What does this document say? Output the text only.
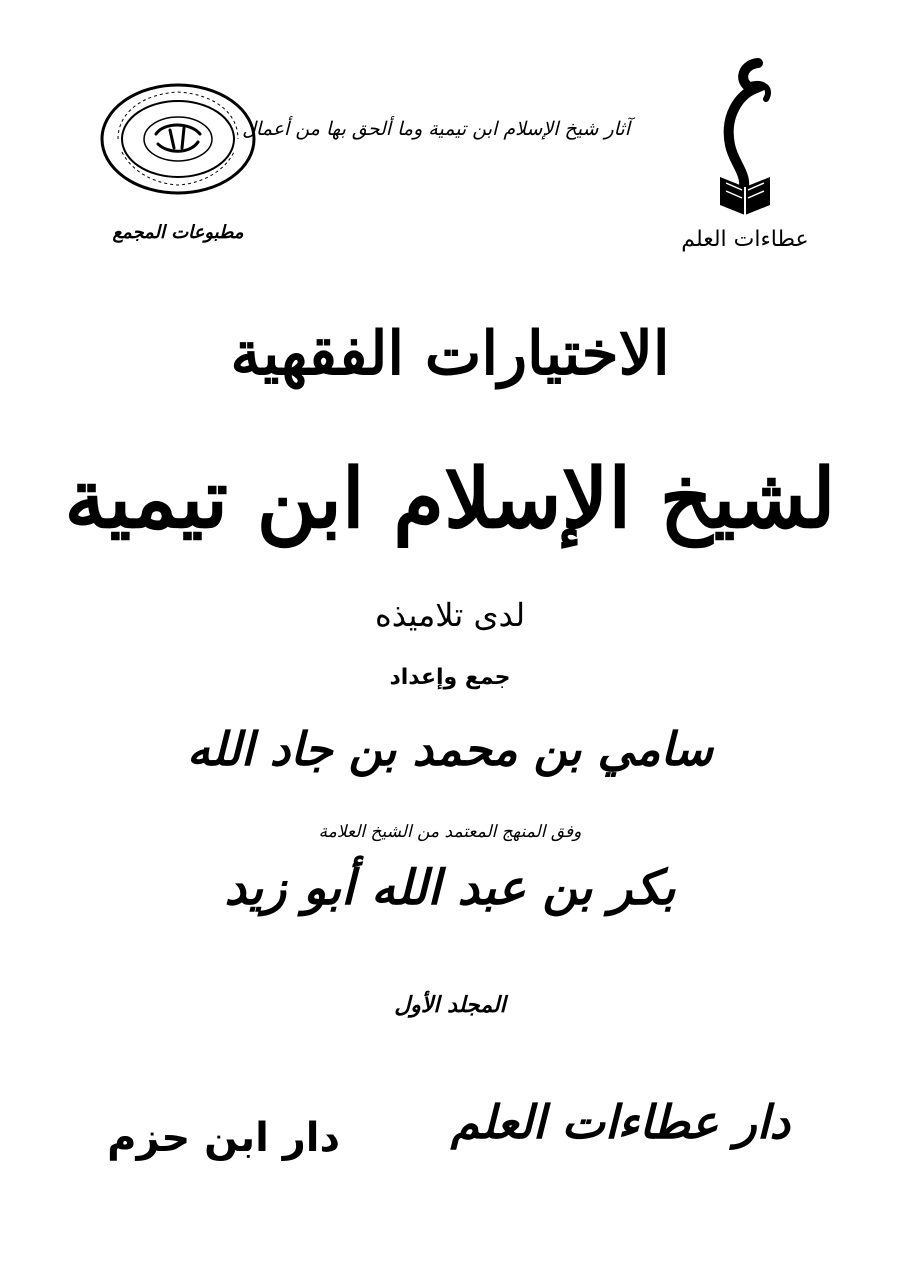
عطاءات العلم
آثار شيخ الإسلام ابن تيمية وما ألحق بها من أعمال
مطبوعات المجمع
الاختيارات الفقهية
لشيخ الإسلام ابن تيمية
لدى تلاميذه
جمع وإعداد
سامي بن محمد بن جاد الله
وفق المنهج المعتمد من الشيخ العلامة
بكر بن عبد الله أبو زيد
المجلد الأول
دار ابن حزم دار عطاءات العلم
